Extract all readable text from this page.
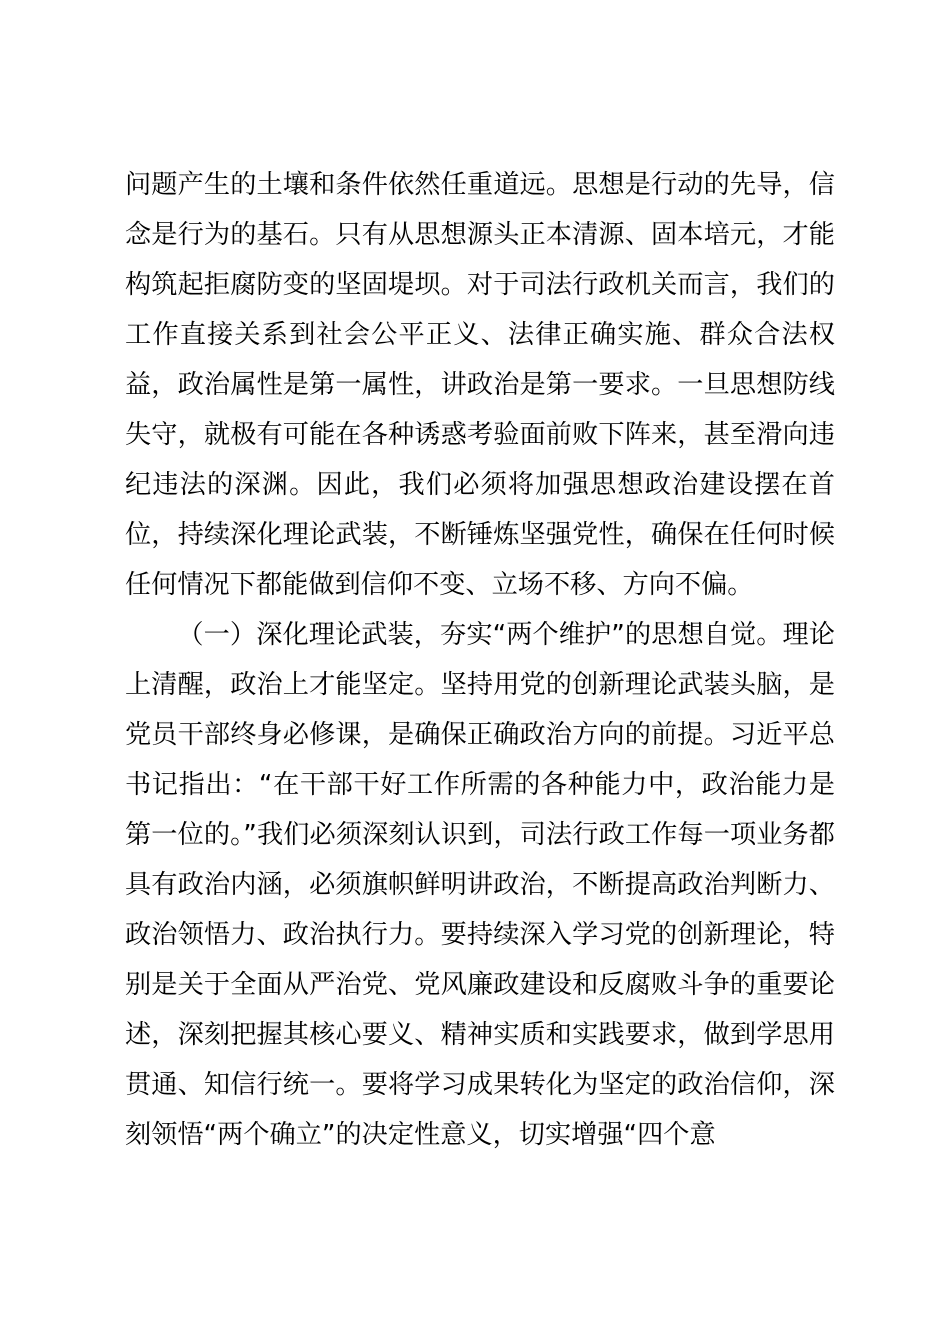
问题产生的土壤和条件依然任重道远。思想是行动的先导，信念是行为的基石。只有从思想源头正本清源、固本培元，才能构筑起拒腐防变的坚固堤坝。对于司法行政机关而言，我们的工作直接关系到社会公平正义、法律正确实施、群众合法权益，政治属性是第一属性，讲政治是第一要求。一旦思想防线失守，就极有可能在各种诱惑考验面前败下阵来，甚至滑向违纪违法的深渊。因此，我们必须将加强思想政治建设摆在首位，持续深化理论武装，不断锤炼坚强党性，确保在任何时候任何情况下都能做到信仰不变、立场不移、方向不偏。

（一）深化理论武装，夯实“两个维护”的思想自觉。理论上清醒，政治上才能坚定。坚持用党的创新理论武装头脑，是党员干部终身必修课，是确保正确政治方向的前提。习近平总书记指出：“在干部干好工作所需的各种能力中，政治能力是第一位的。”我们必须深刻认识到，司法行政工作每一项业务都具有政治内涵，必须旗帜鲜明讲政治，不断提高政治判断力、政治领悟力、政治执行力。要持续深入学习党的创新理论，特别是关于全面从严治党、党风廉政建设和反腐败斗争的重要论述，深刻把握其核心要义、精神实质和实践要求，做到学思用贯通、知信行统一。要将学习成果转化为坚定的政治信仰，深刻领悟“两个确立”的决定性意义，切实增强“四个意
